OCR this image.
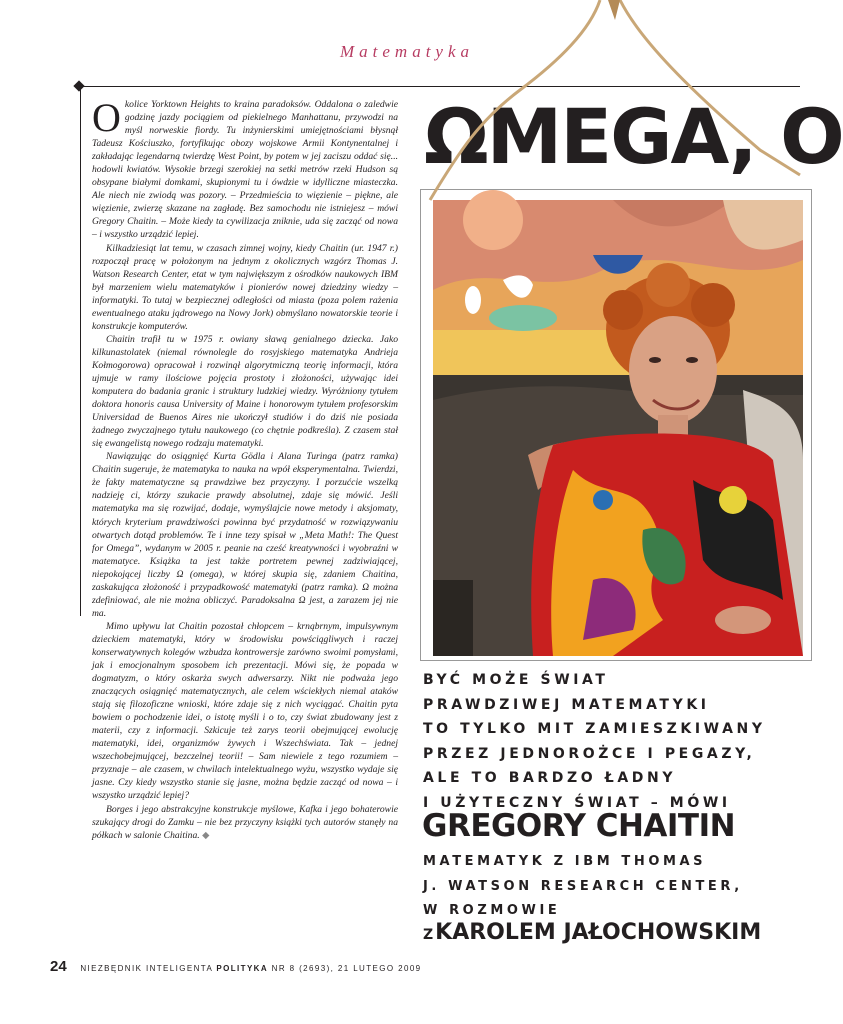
Matematyka
ΩMEGA, O

Okolice Yorktown Heights to kraina paradoksów. Oddalona o zaledwie godzinę jazdy pociągiem od piekielnego Manhattanu, przywodzi na myśl norweskie fiordy. Tu inżynierskimi umiejętnościami błysnął Tadeusz Kościuszko, fortyfikując obozy wojskowe Armii Kontynentalnej i zakładając legendarną twierdzę West Point, by potem w jej zaciszu oddać się... hodowli kwiatów. Wysokie brzegi szerokiej na setki metrów rzeki Hudson są obsypane białymi domkami, skupionymi tu i ówdzie w idylliczne miasteczka. Ale niech nie zwiodą was pozory. – Przedmieścia to więzienie – piękne, ale więzienie, zwierzę skazane na zagładę. Bez samochodu nie istniejesz – mówi Gregory Chaitin. – Może kiedy ta cywilizacja zniknie, uda się zacząć od nowa – i wszystko urządzić lepiej.

Kilkadziesiąt lat temu, w czasach zimnej wojny, kiedy Chaitin (ur. 1947 r.) rozpoczął pracę w położonym na jednym z okolicznych wzgórz Thomas J. Watson Research Center, etat w tym największym z ośrodków naukowych IBM był marzeniem wielu matematyków i pionierów nowej dziedziny wiedzy – informatyki. To tutaj w bezpiecznej odległości od miasta (poza polem rażenia ewentualnego ataku jądrowego na Nowy Jork) obmyślano nowatorskie teorie i konstrukcje komputerów.

Chaitin trafił tu w 1975 r. owiany sławą genialnego dziecka. Jako kilkunastolatek (niemal równolegle do rosyjskiego matematyka Andrieja Kołmogorowa) opracował i rozwinął algorytmiczną teorię informacji, która ujmuje w ramy ilościowe pojęcia prostoty i złożoności, używając idei komputera do badania granic i struktury ludzkiej wiedzy. Wyróżniony tytułem doktora honoris causa University of Maine i honorowym tytułem profesorskim Universidad de Buenos Aires nie ukończył studiów i do dziś nie posiada żadnego zwyczajnego tytułu naukowego (co chętnie podkreśla). Z czasem stał się ewangelistą nowego rodzaju matematyki.

Nawiązując do osiągnięć Kurta Gödla i Alana Turinga (patrz ramka) Chaitin sugeruje, że matematyka to nauka na wpół eksperymentalna. Twierdzi, że fakty matematyczne są prawdziwe bez przyczyny. I porzućcie wszelką nadzieję ci, którzy szukacie prawdy absolutnej, zdaje się mówić. Jeśli matematyka ma się rozwijać, dodaje, wymyślajcie nowe metody i aksjomaty, których kryterium prawdziwości powinna być przydatność w rozwiązywaniu otwartych dotąd problemów. Te i inne tezy spisał w „Meta Math!: The Quest for Omega”, wydanym w 2005 r. peanie na cześć kreatywności i wyobraźni w matematyce. Książka ta jest także portretem pewnej zadziwiającej, niepokojącej liczby Ω (omega), w której skupia się, zdaniem Chaitina, zaskakująca złożoność i przypadkowość matematyki (patrz ramka). Ω można zdefiniować, ale nie można obliczyć. Paradoksalna Ω jest, a zarazem jej nie ma.

Mimo upływu lat Chaitin pozostał chłopcem – krnąbrnym, impulsywnym dzieckiem matematyki, który w środowisku powściągliwych i raczej konserwatywnych kolegów wzbudza kontrowersje zarówno swoimi pomysłami, jak i emocjonalnym sposobem ich prezentacji. Mówi się, że popada w dogmatyzm, o który oskarża swych adwersarzy. Nikt nie podważa jego znaczących osiągnięć matematycznych, ale celem wściekłych niemal ataków stają się filozoficzne wnioski, które zdaje się z nich wyciągać. Chaitin pyta bowiem o pochodzenie idei, o istotę myśli i o to, czy świat zbudowany jest z materii, czy z informacji. Szkicuje też zarys teorii obejmującej ewolucję matematyki, idei, organizmów żywych i Wszechświata. Tak – jednej wszechobejmującej, bezczelnej teorii! – Sam niewiele z tego rozumiem – przyznaje – ale czasem, w chwilach intelektualnego wyżu, wszystko wydaje się jasne. Czy kiedy wszystko stanie się jasne, można będzie zacząć od nowa – i wszystko urządzić lepiej?

Borges i jego abstrakcyjne konstrukcje myślowe, Kafka i jego bohaterowie szukający drogi do Zamku – nie bez przyczyny książki tych autorów stanęły na półkach w salonie Chaitina. ◆

BYĆ MOŻE ŚWIAT
PRAWDZIWEJ MATEMATYKI
TO TYLKO MIT ZAMIESZKIWANY
PRZEZ JEDNOROŻCE I PEGAZY,
ALE TO BARDZO ŁADNY
I UŻYTECZNY ŚWIAT – MÓWI
GREGORY CHAITIN
MATEMATYK Z IBM THOMAS
J. WATSON RESEARCH CENTER,
W ROZMOWIE
ZKAROLEM JAŁOCHOWSKIM
24 NIEZBĘDNIK INTELIGENTA POLITYKA NR 8 (2693), 21 LUTEGO 2009
